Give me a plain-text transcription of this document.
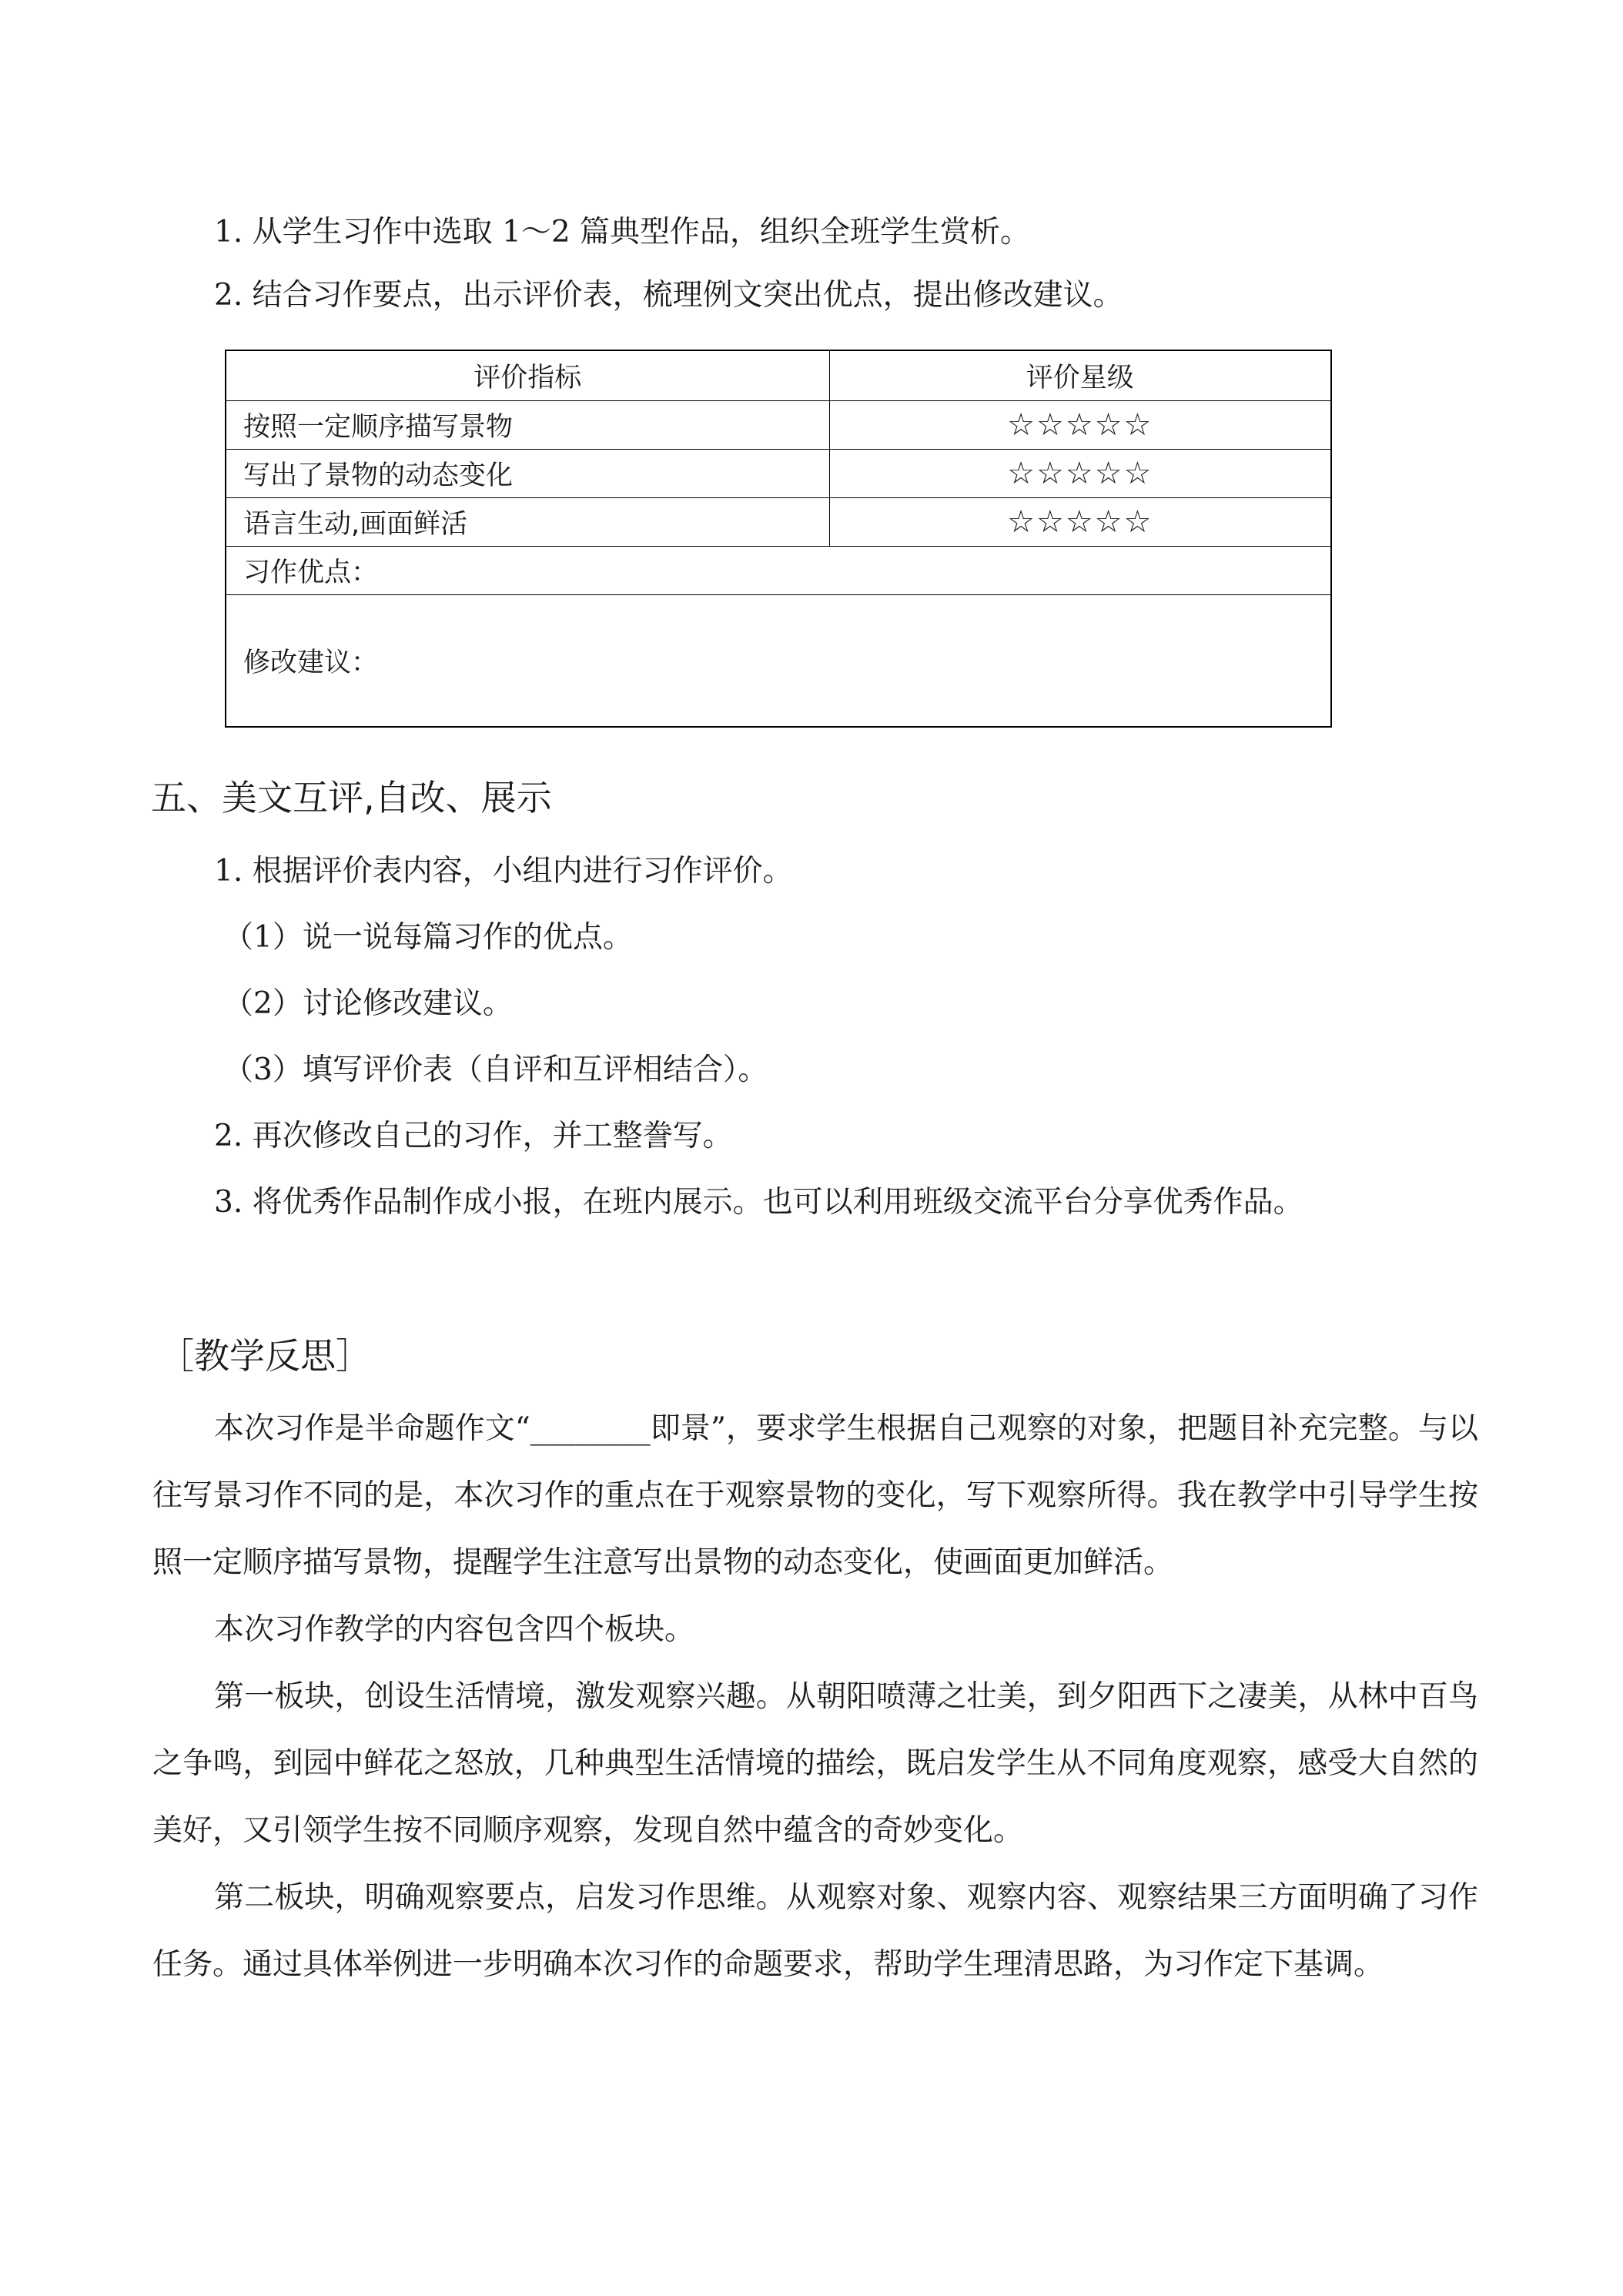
1. 从学生习作中选取 1～2 篇典型作品，组织全班学生赏析。
2. 结合习作要点，出示评价表，梳理例文突出优点，提出修改建议。
评价指标	评价星级
按照一定顺序描写景物	☆☆☆☆☆
写出了景物的动态变化	☆☆☆☆☆
语言生动,画面鲜活	☆☆☆☆☆
习作优点：	
修改建议：	
五、美文互评,自改、展示
1. 根据评价表内容，小组内进行习作评价。
（1）说一说每篇习作的优点。
（2）讨论修改建议。
（3）填写评价表（自评和互评相结合）。
2. 再次修改自己的习作，并工整誊写。
3. 将优秀作品制作成小报，在班内展示。也可以利用班级交流平台分享优秀作品。
［教学反思］
本次习作是半命题作文“________即景”，要求学生根据自己观察的对象，把题目补充完整。与以往写景习作不同的是，本次习作的重点在于观察景物的变化，写下观察所得。我在教学中引导学生按照一定顺序描写景物，提醒学生注意写出景物的动态变化，使画面更加鲜活。
本次习作教学的内容包含四个板块。
第一板块，创设生活情境，激发观察兴趣。从朝阳喷薄之壮美，到夕阳西下之凄美，从林中百鸟之争鸣，到园中鲜花之怒放，几种典型生活情境的描绘，既启发学生从不同角度观察，感受大自然的美好，又引领学生按不同顺序观察，发现自然中蕴含的奇妙变化。
第二板块，明确观察要点，启发习作思维。从观察对象、观察内容、观察结果三方面明确了习作任务。通过具体举例进一步明确本次习作的命题要求，帮助学生理清思路，为习作定下基调。
